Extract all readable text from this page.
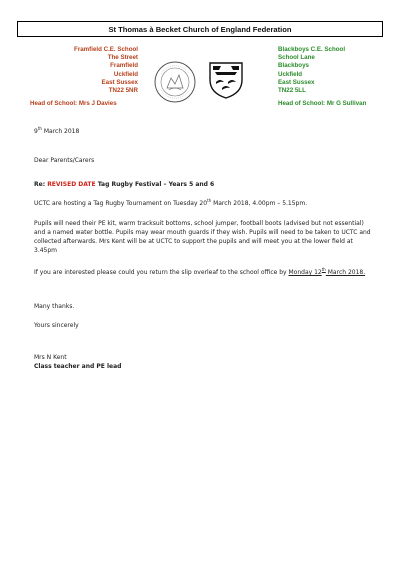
St Thomas à Becket Church of England Federation
Framfield C.E. School
The Street
Framfield
Uckfield
East Sussex
TN22 5NR
Head of School: Mrs J Davies
Blackboys C.E. School
School Lane
Blackboys
Uckfield
East Sussex
TN22 5LL
Head of School: Mr G Sullivan
9th March 2018
Dear Parents/Carers
Re: REVISED DATE Tag Rugby Festival – Years 5 and 6
UCTC are hosting a Tag Rugby Tournament on Tuesday 20th March 2018, 4.00pm – 5.15pm.
Pupils will need their PE kit, warm tracksuit bottoms, school jumper, football boots (advised but not essential) and a named water bottle. Pupils may wear mouth guards if they wish. Pupils will need to be taken to UCTC and collected afterwards. Mrs Kent will be at UCTC to support the pupils and will meet you at the lower field at 3.45pm
If you are interested please could you return the slip overleaf to the school office by Monday 12th March 2018.
Many thanks.
Yours sincerely
Mrs N Kent
Class teacher and PE lead
